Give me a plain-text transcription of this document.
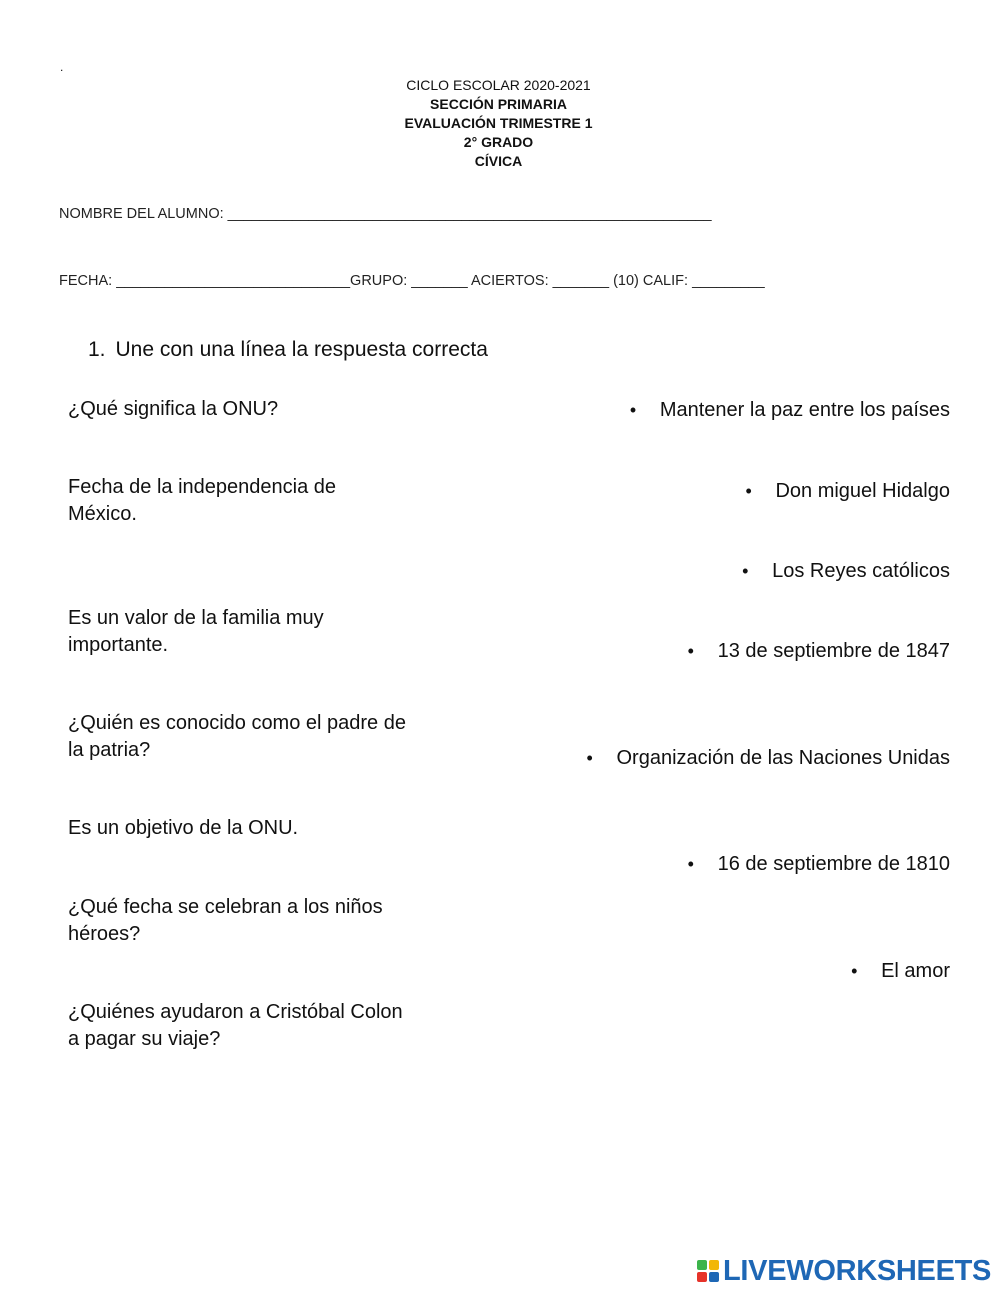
.
CICLO ESCOLAR 2020-2021
SECCIÓN PRIMARIA
EVALUACIÓN TRIMESTRE 1
2° GRADO
CÍVICA
NOMBRE DEL ALUMNO: ____________________________________________________________
FECHA: _____________________________GRUPO: _______ ACIERTOS: _______ (10) CALIF: _________
1. Une con una línea la respuesta correcta
¿Qué significa la ONU?
Fecha de la independencia de México.
Es un valor de la familia muy importante.
¿Quién es conocido como el padre de la patria?
Es un objetivo de la ONU.
¿Qué fecha se celebran a los niños héroes?
¿Quiénes ayudaron a Cristóbal Colon a pagar su viaje?
• Mantener la paz entre los países
• Don miguel Hidalgo
• Los Reyes católicos
• 13 de septiembre de 1847
• Organización de las Naciones Unidas
• 16 de septiembre de 1810
• El amor
LIVEWORKSHEETS
